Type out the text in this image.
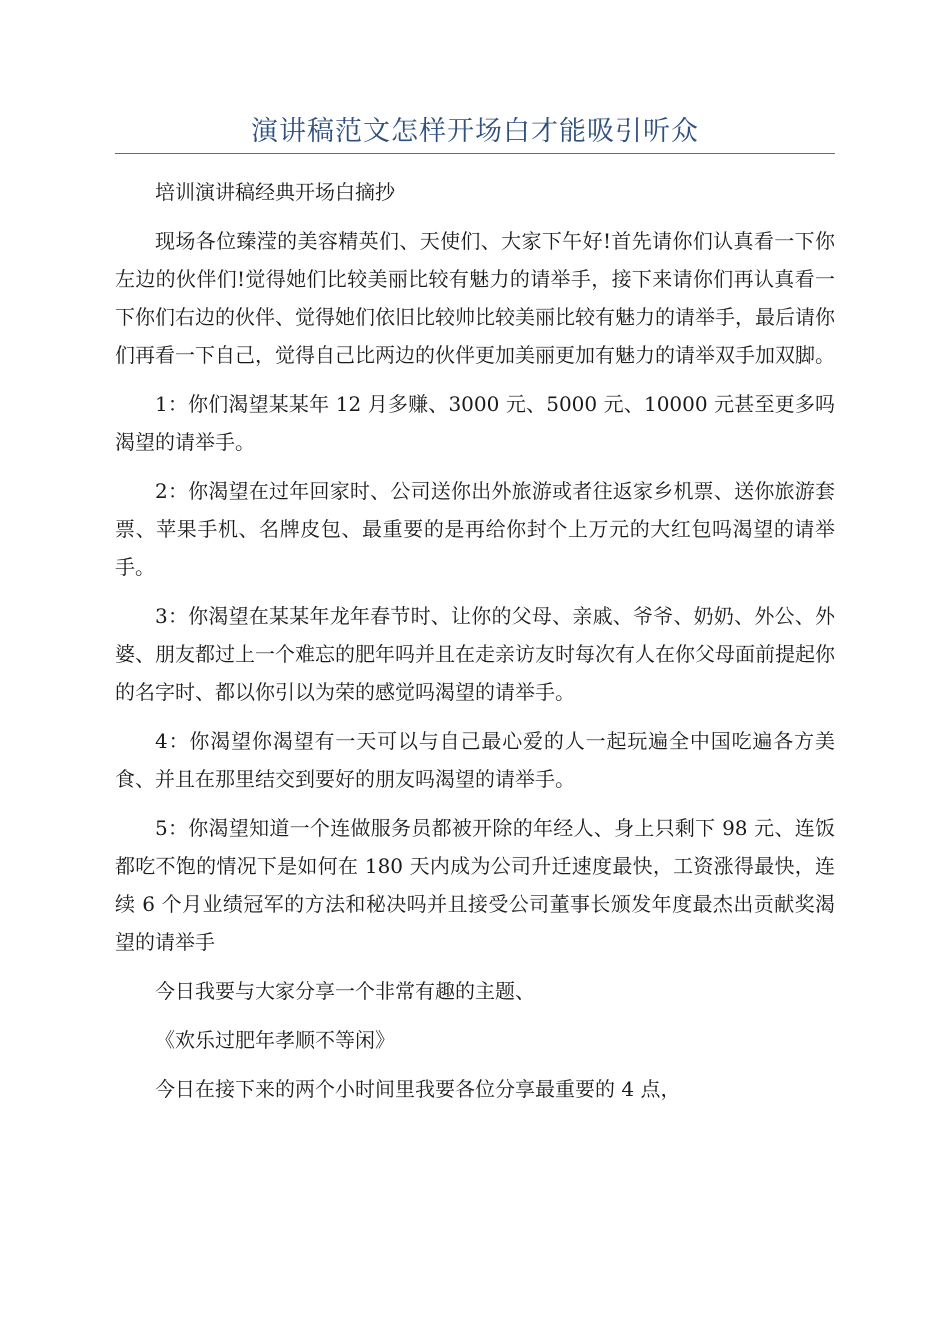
演讲稿范文怎样开场白才能吸引听众

培训演讲稿经典开场白摘抄

现场各位臻滢的美容精英们、天使们、大家下午好!首先请你们认真看一下你左边的伙伴们!觉得她们比较美丽比较有魅力的请举手，接下来请你们再认真看一下你们右边的伙伴、觉得她们依旧比较帅比较美丽比较有魅力的请举手，最后请你们再看一下自己，觉得自己比两边的伙伴更加美丽更加有魅力的请举双手加双脚。

1：你们渴望某某年 12 月多赚、3000 元、5000 元、10000 元甚至更多吗渴望的请举手。

2：你渴望在过年回家时、公司送你出外旅游或者往返家乡机票、送你旅游套票、苹果手机、名牌皮包、最重要的是再给你封个上万元的大红包吗渴望的请举手。

3：你渴望在某某年龙年春节时、让你的父母、亲戚、爷爷、奶奶、外公、外婆、朋友都过上一个难忘的肥年吗并且在走亲访友时每次有人在你父母面前提起你的名字时、都以你引以为荣的感觉吗渴望的请举手。

4：你渴望你渴望有一天可以与自己最心爱的人一起玩遍全中国吃遍各方美食、并且在那里结交到要好的朋友吗渴望的请举手。

5：你渴望知道一个连做服务员都被开除的年经人、身上只剩下 98 元、连饭都吃不饱的情况下是如何在 180 天内成为公司升迁速度最快，工资涨得最快，连续 6 个月业绩冠军的方法和秘决吗并且接受公司董事长颁发年度最杰出贡献奖渴望的请举手

今日我要与大家分享一个非常有趣的主题、

《欢乐过肥年孝顺不等闲》

今日在接下来的两个小时间里我要各位分享最重要的 4 点，
